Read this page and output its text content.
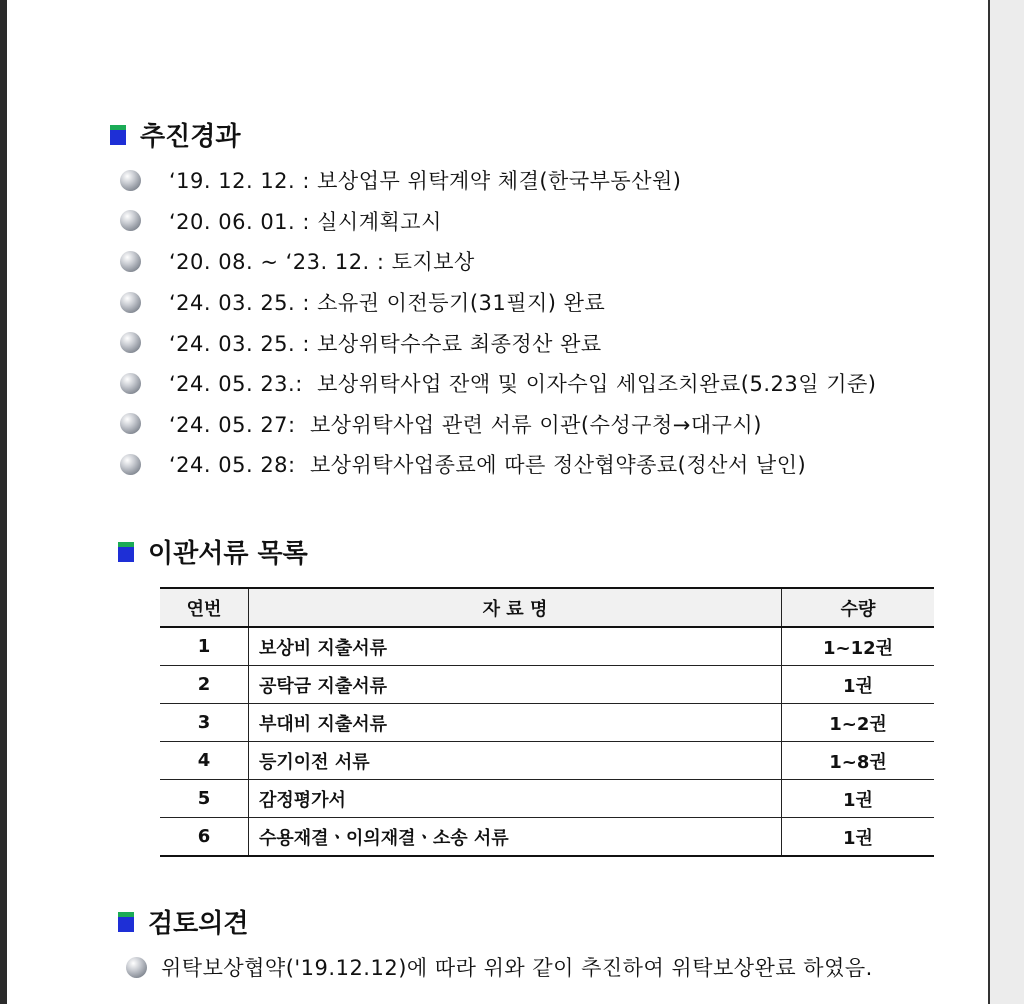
추진경과
‘19. 12. 12. : 보상업무 위탁계약 체결(한국부동산원)
‘20. 06. 01. : 실시계획고시
‘20. 08. ~ ‘23. 12. : 토지보상
‘24. 03. 25. : 소유권 이전등기(31필지) 완료
‘24. 03. 25. : 보상위탁수수료 최종정산 완료
‘24. 05. 23.:  보상위탁사업 잔액 및 이자수입 세입조치완료(5.23일 기준)
‘24. 05. 27:  보상위탁사업 관련 서류 이관(수성구청→대구시)
‘24. 05. 28:  보상위탁사업종료에 따른 정산협약종료(정산서 날인)
이관서류 목록
연번	자 료 명	수량
1	보상비 지출서류	1~12권
2	공탁금 지출서류	1권
3	부대비 지출서류	1~2권
4	등기이전 서류	1~8권
5	감정평가서	1권
6	수용재결ㆍ이의재결ㆍ소송 서류	1권
검토의견
위탁보상협약('19.12.12)에 따라 위와 같이 추진하여 위탁보상완료 하였음.
